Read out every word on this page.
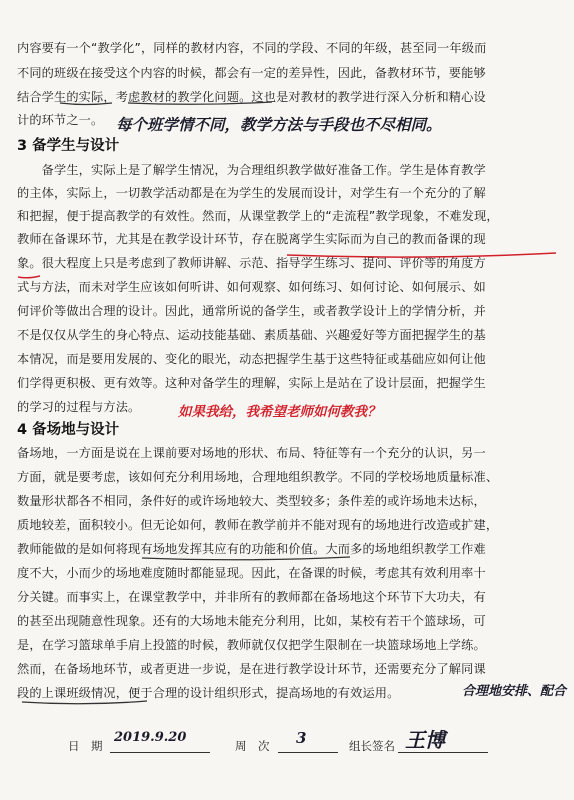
内容要有一个“教学化”，同样的教材内容，不同的学段、不同的年级，甚至同一年级而
不同的班级在接受这个内容的时候，都会有一定的差异性，因此，备教材环节，要能够
结合学生的实际，考虑教材的教学化问题。这也是对教材的教学进行深入分析和精心设
计的环节之一。 每个班学情不同，教学方法与手段也不尽相同。
3 备学生与设计
　　备学生，实际上是了解学生情况，为合理组织教学做好准备工作。学生是体育教学
的主体，实际上，一切教学活动都是在为学生的发展而设计，对学生有一个充分的了解
和把握，便于提高教学的有效性。然而，从课堂教学上的“走流程”教学现象，不难发现，
教师在备课环节，尤其是在教学设计环节，存在脱离学生实际而为自己的教而备课的现
象。很大程度上只是考虑到了教师讲解、示范、指导学生练习、提问、评价等的角度方
式与方法，而未对学生应该如何听讲、如何观察、如何练习、如何讨论、如何展示、如
何评价等做出合理的设计。因此，通常所说的备学生，或者教学设计上的学情分析，并
不是仅仅从学生的身心特点、运动技能基础、素质基础、兴趣爱好等方面把握学生的基
本情况，而是要用发展的、变化的眼光，动态把握学生基于这些特征或基础应如何让他
们学得更积极、更有效等。这种对备学生的理解，实际上是站在了设计层面，把握学生
的学习的过程与方法。	如果我给，我希望老师如何教我？
4 备场地与设计
备场地，一方面是说在上课前要对场地的形状、布局、特征等有一个充分的认识，另一
方面，就是要考虑，该如何充分利用场地，合理地组织教学。不同的学校场地质量标准、
数量形状都各不相同，条件好的或许场地较大、类型较多；条件差的或许场地未达标，
质地较差，面积较小。但无论如何，教师在教学前并不能对现有的场地进行改造或扩建，
教师能做的是如何将现有场地发挥其应有的功能和价值。大而多的场地组织教学工作难
度不大，小而少的场地难度随时都能显现。因此，在备课的时候，考虑其有效利用率十
分关键。而事实上，在课堂教学中，并非所有的教师都在备场地这个环节下大功夫，有
的甚至出现随意性现象。还有的大场地未能充分利用，比如，某校有若干个篮球场，可
是，在学习篮球单手肩上投篮的时候，教师就仅仅把学生限制在一块篮球场地上学练。
然而，在备场地环节，或者更进一步说，是在进行教学设计环节，还需要充分了解同课
段的上课班级情况，便于合理的设计组织形式，提高场地的有效运用。	合理地安排、配合
日　期
2019.9.20
周　次 3	组长签名 王博
